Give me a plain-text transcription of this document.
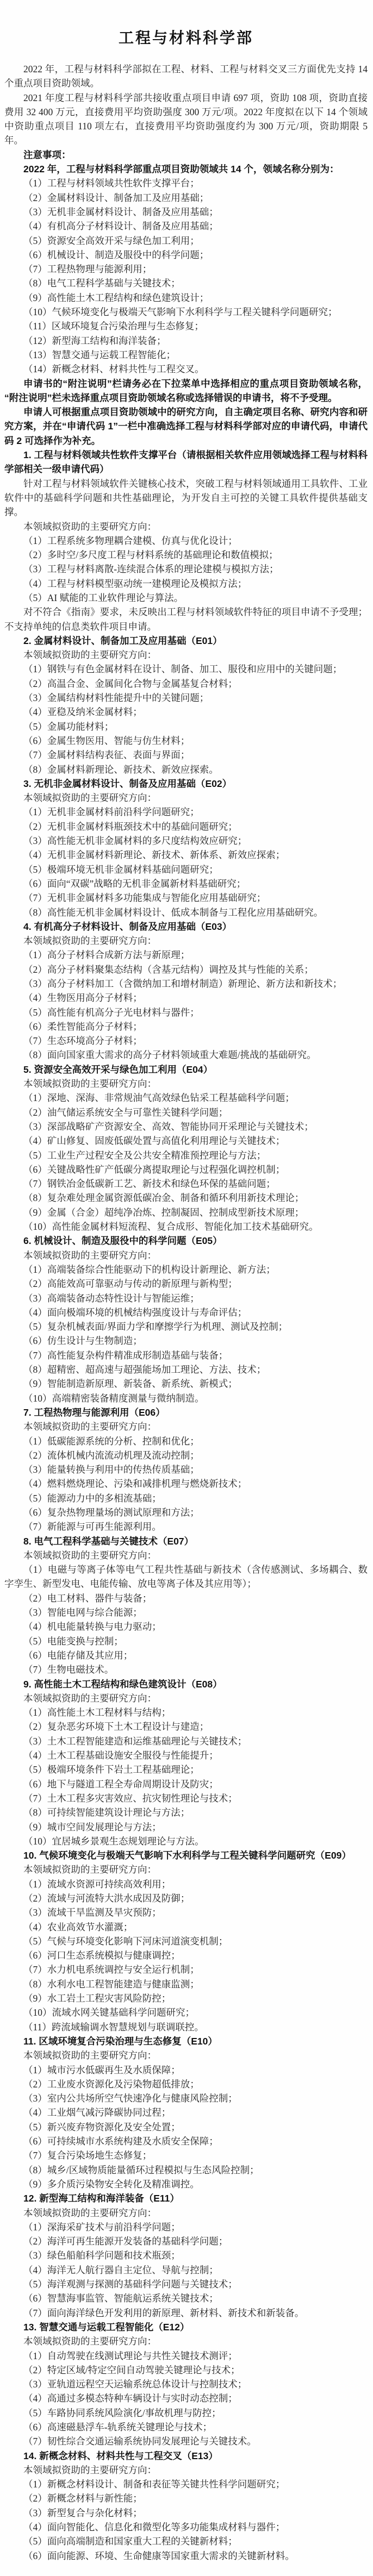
工程与材料科学部

2022 年，工程与材料科学部拟在工程、材料、工程与材料交叉三方面优先支持 14 个重点项目资助领域。

2021 年度工程与材料科学部共接收重点项目申请 697 项，资助 108 项，资助直接费用 32 400 万元，直接费用平均资助强度 300 万元/项。2022 年度拟在以下 14 个领域中资助重点项目 110 项左右，直接费用平均资助强度约为 300 万元/项，资助期限 5 年。

注意事项：

2022 年，工程与材料科学部重点项目资助领域共 14 个，领域名称分别为：

（1）工程与材料领域共性软件支撑平台；

（2）金属材料设计、制备加工及应用基础；

（3）无机非金属材料设计、制备及应用基础；

（4）有机高分子材料设计、制备及应用基础；

（5）资源安全高效开采与绿色加工利用；

（6）机械设计、制造及服役中的科学问题；

（7）工程热物理与能源利用；

（8）电气工程科学基础与关键技术；

（9）高性能土木工程结构和绿色建筑设计；

（10）气候环境变化与极端天气影响下水利科学与工程关键科学问题研究；

（11）区域环境复合污染治理与生态修复；

（12）新型海工结构和海洋装备；

（13）智慧交通与运载工程智能化；

（14）新概念材料、材料共性与工程交叉。

申请书的“附注说明”栏请务必在下拉菜单中选择相应的重点项目资助领域名称，“附注说明”栏未选择重点项目资助领域名称或选择错误的申请书，将不予受理。

申请人可根据重点项目资助领域中的研究方向，自主确定项目名称、研究内容和研究方案，并在“申请代码 1”一栏中准确选择工程与材料科学部对应的申请代码，申请代码 2 可选择作为补充。

1. 工程与材料领域共性软件支撑平台（请根据相关软件应用领域选择工程与材料科学部相关一级申请代码）

针对工程与材料领域软件关键核心技术，突破工程与材料领域通用工具软件、工业软件中的基础科学问题和共性基础理论，为开发自主可控的关键工具软件提供基础支撑。

本领域拟资助的主要研究方向：

（1）工程系统多物理耦合建模、仿真与优化设计；

（2）多时空/多尺度工程与材料系统的基础理论和数值模拟；

（3）工程与材料离散-连续混合体系的理论建模与模拟方法；

（4）工程与材料模型驱动统一建模理论及模拟方法；

（5）AI 赋能的工业软件理论与算法。

对不符合《指南》要求，未反映出工程与材料领域软件特征的项目申请不予受理；不支持单纯的信息类软件项目申请。

2. 金属材料设计、制备加工及应用基础（E01）

本领域拟资助的主要研究方向：

（1）钢铁与有色金属材料在设计、制备、加工、服役和应用中的关键问题；

（2）高温合金、金属间化合物与金属基复合材料；

（3）金属结构材料性能提升中的关键问题；

（4）亚稳及纳米金属材料；

（5）金属功能材料；

（6）金属生物医用、智能与仿生材料；

（7）金属材料结构表征、表面与界面；

（8）金属材料新理论、新技术、新效应探索。

3. 无机非金属材料设计、制备及应用基础（E02）

本领域拟资助的主要研究方向：

（1）无机非金属材料前沿科学问题研究；

（2）无机非金属材料瓶颈技术中的基础问题研究；

（3）高性能无机非金属材料的多尺度结构效应研究；

（4）无机非金属材料新理论、新技术、新体系、新效应探索；

（5）极端环境无机非金属材料基础问题研究；

（6）面向“双碳”战略的无机非金属新材料基础研究；

（7）无机非金属材料多功能集成与智能化应用基础研究；

（8）高性能无机非金属材料设计、低成本制备与工程化应用基础研究。

4. 有机高分子材料设计、制备及应用基础（E03）

本领域拟资助的主要研究方向：

（1）高分子材料合成新方法与新原理；

（2）高分子材料聚集态结构（含基元结构）调控及其与性能的关系；

（3）高分子材料加工（含微纳加工和增材制造）新理论、新方法和新技术；

（4）生物医用高分子材料；

（5）高性能有机高分子光电材料与器件；

（6）柔性智能高分子材料；

（7）生态环境高分子材料；

（8）面向国家重大需求的高分子材料领域重大难题/挑战的基础研究。

5. 资源安全高效开采与绿色加工利用（E04）

本领域拟资助的主要研究方向：

（1）深地、深海、非常规油气高效绿色钻采工程基础科学问题；

（2）油气储运系统安全与可靠性关键科学问题；

（3）深部战略矿产资源安全、高效、智能协同开采理论与关键技术；

（4）矿山修复、固废低碳处置与高值化利用理论与关键技术；

（5）工业生产过程安全及公共安全精准预控理论与方法；

（6）关键战略性矿产低碳分离提取理论与过程强化调控机制；

（7）钢铁冶金低碳新工艺、新技术和绿色环保的基础问题；

（8）复杂难处理金属资源低碳冶金、制备和循环利用新技术理论；

（9）金属（合金）超纯净冶炼、控制凝固、控制成型新技术原理；

（10）高性能金属材料短流程、复合成形、智能化加工技术基础研究。

6. 机械设计、制造及服役中的科学问题（E05）

本领域拟资助的主要研究方向：

（1）高端装备综合性能驱动下的机构设计新理论、新方法；

（2）高能效高可靠驱动与传动的新原理与新构型；

（3）高端装备动态特性设计与智能运维；

（4）面向极端环境的机械结构强度设计与寿命评估；

（5）复杂机械表面/界面力学和摩擦学行为机理、测试及控制；

（6）仿生设计与生物制造；

（7）高性能复杂构件精准成形制造基础与装备；

（8）超精密、超高速与超强能场加工理论、方法、技术；

（9）智能制造新原理、新装备、新系统、新模式；

（10）高端精密装备精度测量与微纳制造。

7. 工程热物理与能源利用（E06）

本领域拟资助的主要研究方向：

（1）低碳能源系统的分析、控制和优化；

（2）流体机械内流流动机理及流动控制；

（3）能量转换与利用中的传热传质基础；

（4）燃料燃烧理论、污染和减排机理与燃烧新技术；

（5）能源动力中的多相流基础；

（6）复杂热物理量场的测试原理和方法；

（7）新能源与可再生能源利用。

8. 电气工程科学基础与关键技术（E07）

本领域拟资助的主要研究方向：

（1）电磁与等离子体等电气工程共性基础与新技术（含传感测试、多场耦合、数字孪生、新型发电、电能传输、放电等离子体及其应用等）；

（2）电工材料、器件与装备；

（3）智能电网与综合能源；

（4）机电能量转换与电力驱动；

（5）电能变换与控制；

（6）电能存储及其应用；

（7）生物电磁技术。

9. 高性能土木工程结构和绿色建筑设计（E08）

本领域拟资助的主要研究方向：

（1）高性能土木工程材料与结构；

（2）复杂恶劣环境下土木工程设计与建造；

（3）土木工程智能建造和运维基础理论与关键技术；

（4）土木工程基础设施安全服役与性能提升；

（5）极端环境条件下岩土工程基础理论；

（6）地下与隧道工程全寿命周期设计及防灾；

（7）土木工程多灾害效应、抗灾韧性理论与技术；

（8）可持续智能建筑设计理论与方法；

（9）城市空间发展理论与方法；

（10）宜居城乡景观生态规划理论与方法。

10. 气候环境变化与极端天气影响下水利科学与工程关键科学问题研究（E09）

本领域拟资助的主要研究方向：

（1）流域水资源可持续高效利用；

（2）流域与河流特大洪水成因及防御；

（3）流域干旱监测及旱灾预防；

（4）农业高效节水灌溉；

（5）气候与环境变化影响下河床河道演变机制；

（6）河口生态系统模拟与健康调控；

（7）水力机电系统调控与安全运行机制；

（8）水利水电工程智能建造与健康监测；

（9）水工岩土工程灾害风险防控；

（10）流域水网关键基础科学问题研究；

（11）跨流域输调水智慧规划与联调联控。

11. 区域环境复合污染治理与生态修复（E10）

本领域拟资助的主要研究方向：

（1）城市污水低碳再生及水质保障；

（2）工业废水资源化及污染物超低排放；

（3）室内公共场所空气快速净化与健康风险控制；

（4）工业烟气减污降碳协同过程；

（5）新兴废弃物资源化及安全处置；

（6）可持续城市水系统构建及水质安全保障；

（7）复合污染场地生态修复；

（8）城乡/区域物质能量循环过程模拟与生态风险控制；

（9）多介质污染物安全转化及精准调控。

12. 新型海工结构和海洋装备（E11）

本领域拟资助的主要研究方向：

（1）深海采矿技术与前沿科学问题；

（2）海洋可再生能源开发装备的基础科学问题；

（3）绿色船舶科学问题和技术瓶颈；

（4）海洋无人航行器自主定位、导航与控制；

（5）海洋观测与探测的基础科学问题与关键技术；

（6）智慧海事监管、智能航运系统关键技术；

（7）面向海洋绿色开发利用的新原理、新材料、新技术和新装备。

13. 智慧交通与运载工程智能化（E12）

本领域拟资助的主要研究方向：

（1）自动驾驶在线测试理论与共性关键技术测评；

（2）特定区域/特定空间自动驾驶关键理论与技术；

（3）亚轨道远程空天运输系统总体设计与控制技术；

（4）高通过多模态特种车辆设计与实时动态控制；

（5）车路协同系统风险演化/事故机理与防控；

（6）高速磁悬浮车-轨系统关键理论与技术；

（7）韧性综合交通运输系统协同发展理论与关键技术。

14. 新概念材料、材料共性与工程交叉（E13）

本领域拟资助的主要研究方向：

（1）新概念材料设计、制备和表征等关键共性科学问题研究；

（2）新概念材料与新性能；

（3）新型复合与杂化材料；

（4）面向智能化、信息化和微型化等多功能集成材料与器件；

（5）面向高端制造和国家重大工程的关键新材料；

（6）面向能源、环境、生命健康等国家重大需求的关键新材料。
